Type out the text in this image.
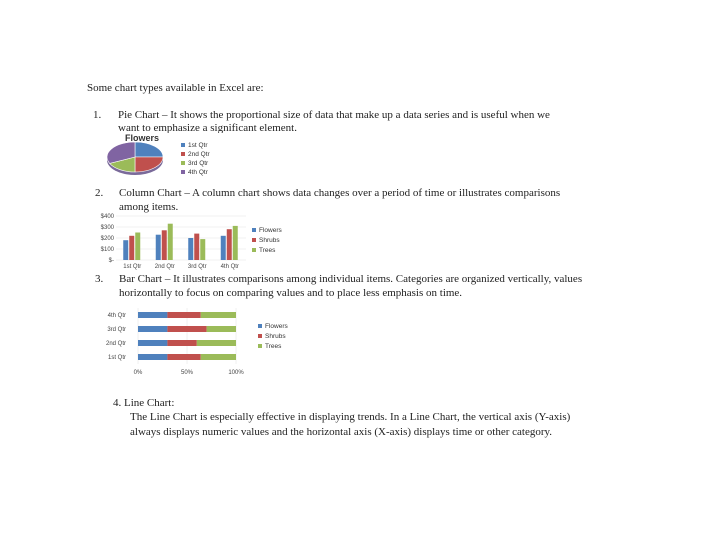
Some chart types available in Excel are:
1. Pie Chart – It shows the proportional size of data that make up a data series and is useful when we
want to emphasize a significant element.
Flowers
1st Qtr
2nd Qtr
3rd Qtr
4th Qtr
2. Column Chart – A column chart shows data changes over a period of time or illustrates comparisons
among items.
$400
$300
$200
$100
$-
1st Qtr 2nd Qtr 3rd Qtr 4th Qtr
Flowers
Shrubs
Trees
3. Bar Chart – It illustrates comparisons among individual items. Categories are organized vertically, values
horizontally to focus on comparing values and to place less emphasis on time.
0%	50%	100%
4th Qtr
3rd Qtr
2nd Qtr
1st Qtr
Flowers
Shrubs
Trees
4. Line Chart:
The Line Chart is especially effective in displaying trends. In a Line Chart, the vertical axis (Y-axis)
always displays numeric values and the horizontal axis (X-axis) displays time or other category.
